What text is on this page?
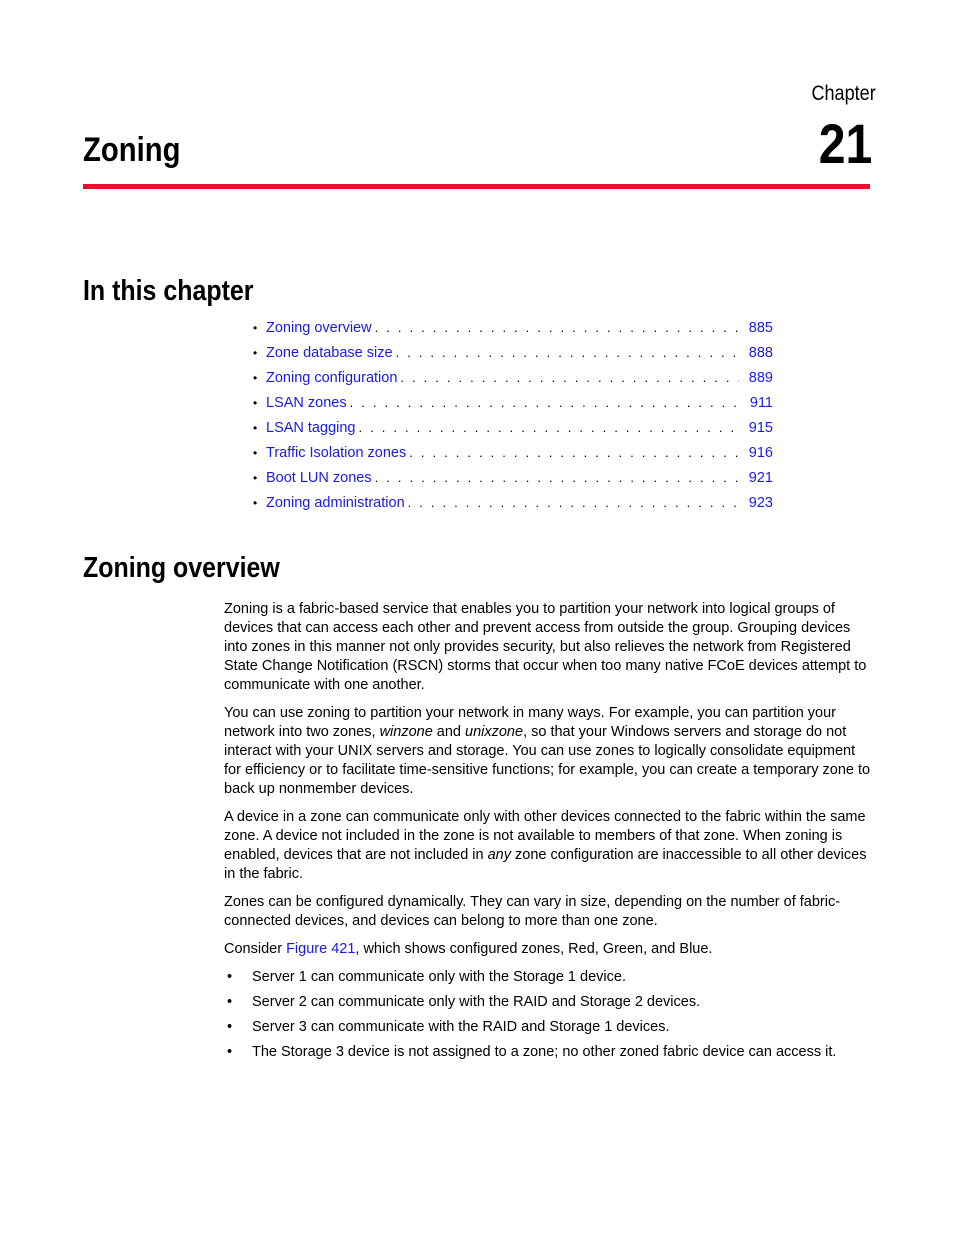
Chapter
21
Zoning
In this chapter
• Zoning overview . . .	885
• Zone database size . . .	888
• Zoning configuration . . .	889
• LSAN zones . . .	911
• LSAN tagging . . .	915
• Traffic Isolation zones . . .	916
• Boot LUN zones . . .	921
• Zoning administration . . .	923
Zoning overview

Zoning is a fabric-based service that enables you to partition your network into logical groups of devices that can access each other and prevent access from outside the group. Grouping devices into zones in this manner not only provides security, but also relieves the network from Registered State Change Notification (RSCN) storms that occur when too many native FCoE devices attempt to communicate with one another.

You can use zoning to partition your network in many ways. For example, you can partition your network into two zones, winzone and unixzone, so that your Windows servers and storage do not interact with your UNIX servers and storage. You can use zones to logically consolidate equipment for efficiency or to facilitate time-sensitive functions; for example, you can create a temporary zone to back up nonmember devices.

A device in a zone can communicate only with other devices connected to the fabric within the same zone. A device not included in the zone is not available to members of that zone. When zoning is enabled, devices that are not included in any zone configuration are inaccessible to all other devices in the fabric.

Zones can be configured dynamically. They can vary in size, depending on the number of fabric-connected devices, and devices can belong to more than one zone.

Consider Figure 421, which shows configured zones, Red, Green, and Blue.

• Server 1 can communicate only with the Storage 1 device.
• Server 2 can communicate only with the RAID and Storage 2 devices.
• Server 3 can communicate with the RAID and Storage 1 devices.
• The Storage 3 device is not assigned to a zone; no other zoned fabric device can access it.
